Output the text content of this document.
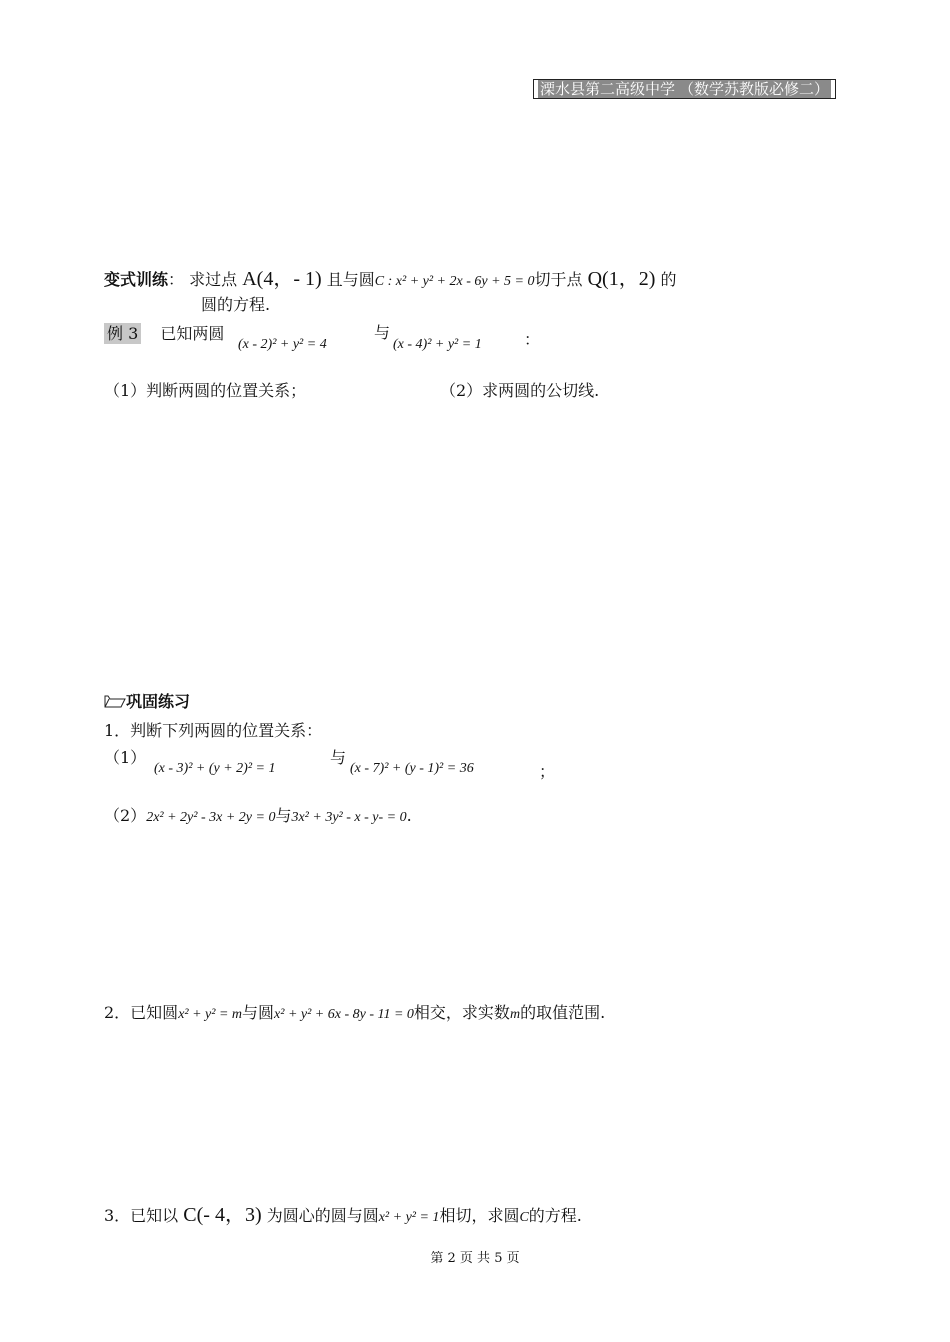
溧水县第二高级中学 （数学苏教版必修二）
变式训练： 求过点 A(4，- 1) 且与圆C : x² + y² + 2x - 6y + 5 = 0切于点 Q(1，2) 的
圆的方程.
例 3 已知两圆
(x - 2)² + y² = 4
与
(x - 4)² + y² = 1	：
（1）判断两圆的位置关系；	（2）求两圆的公切线.
巩固练习
1．判断下列两圆的位置关系：
（1）
(x - 3)² + (y + 2)² = 1
与
(x - 7)² + (y - 1)² = 36	；
（2）2x² + 2y² - 3x + 2y = 0与3x² + 3y² - x - y- = 0.
2．已知圆x² + y² = m与圆x² + y² + 6x - 8y - 11 = 0相交，求实数m的取值范围.
3．已知以 C(- 4，3) 为圆心的圆与圆x² + y² = 1相切，求圆C的方程.
第 2 页 共 5 页
